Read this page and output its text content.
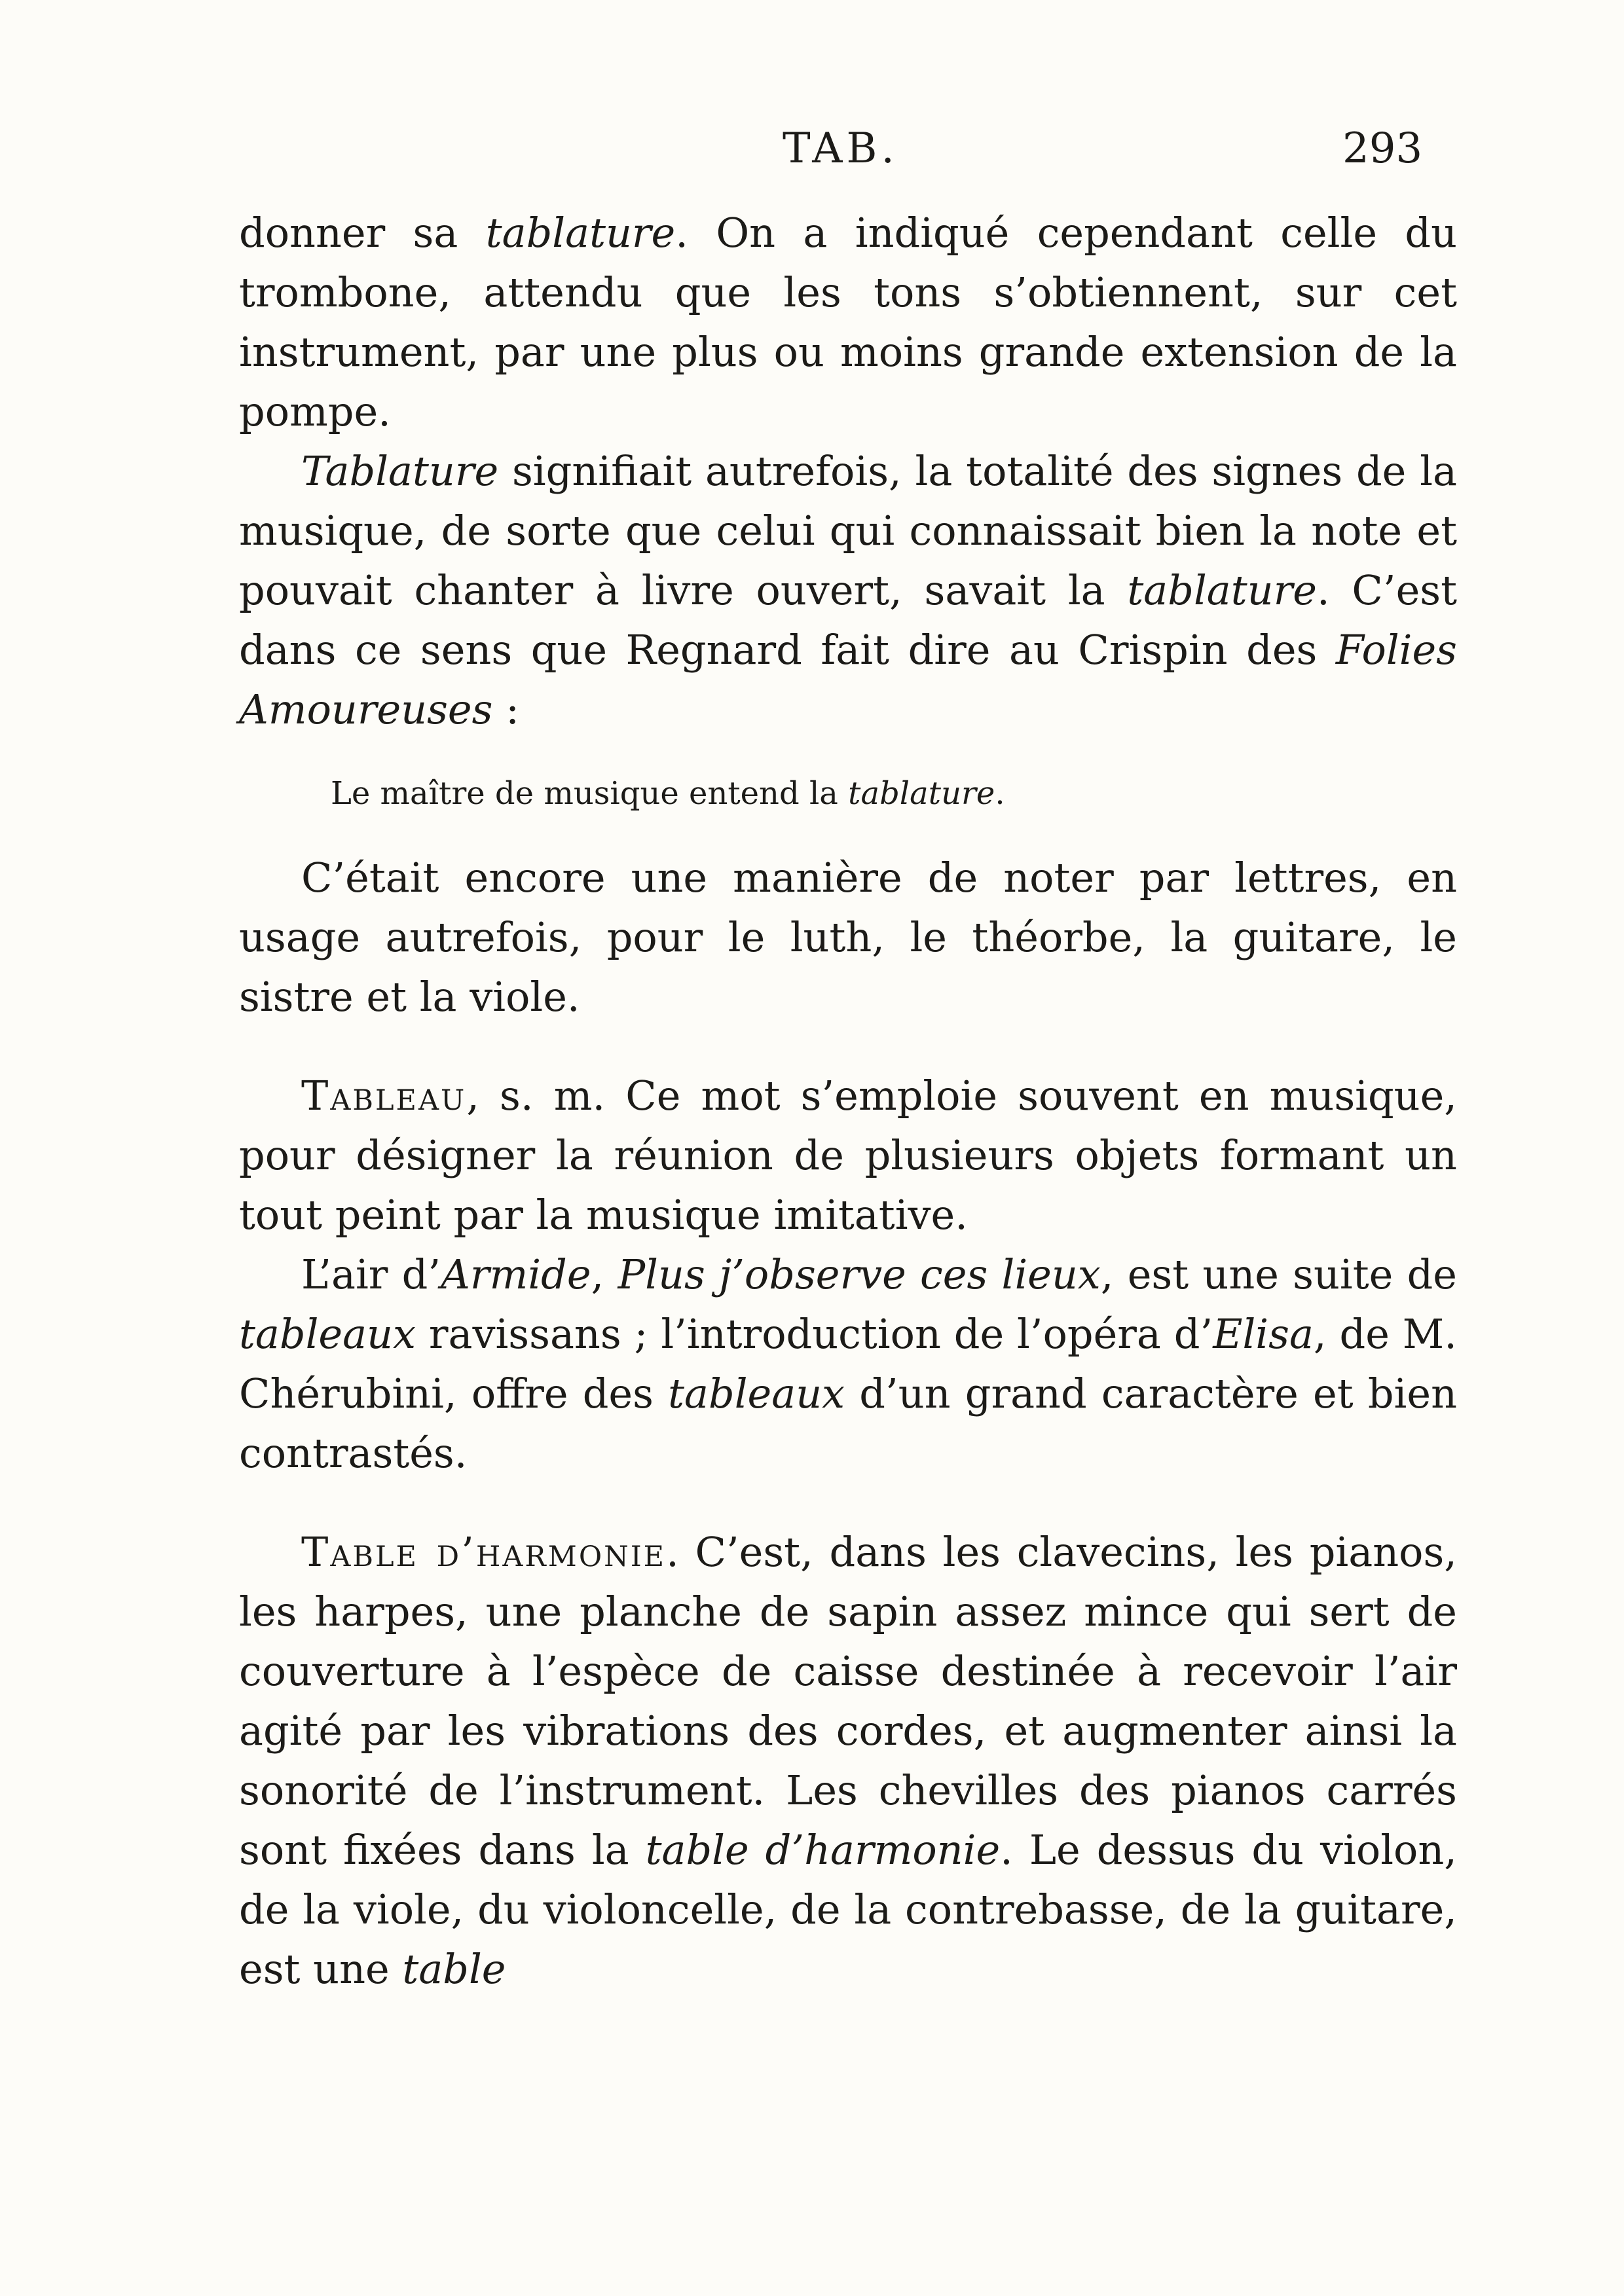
TAB.	293

donner sa tablature. On a indiqué cependant celle du trombone, attendu que les tons s’obtiennent, sur cet instrument, par une plus ou moins grande extension de la pompe.

Tablature signifiait autrefois, la totalité des signes de la musique, de sorte que celui qui connaissait bien la note et pouvait chanter à livre ouvert, savait la tablature. C’est dans ce sens que Regnard fait dire au Crispin des Folies Amoureuses :

Le maître de musique entend la tablature.

C’était encore une manière de noter par lettres, en usage autrefois, pour le luth, le théorbe, la guitare, le sistre et la viole.

Tableau, s. m. Ce mot s’emploie souvent en musique, pour désigner la réunion de plusieurs objets formant un tout peint par la musique imitative.

L’air d’Armide, Plus j’observe ces lieux, est une suite de tableaux ravissans ; l’introduction de l’opéra d’Elisa, de M. Chérubini, offre des tableaux d’un grand caractère et bien contrastés.

Table d’harmonie. C’est, dans les clavecins, les pianos, les harpes, une planche de sapin assez mince qui sert de couverture à l’espèce de caisse destinée à recevoir l’air agité par les vibrations des cordes, et augmenter ainsi la sonorité de l’instrument. Les chevilles des pianos carrés sont fixées dans la table d’harmonie. Le dessus du violon, de la viole, du violoncelle, de la contrebasse, de la guitare, est une table
